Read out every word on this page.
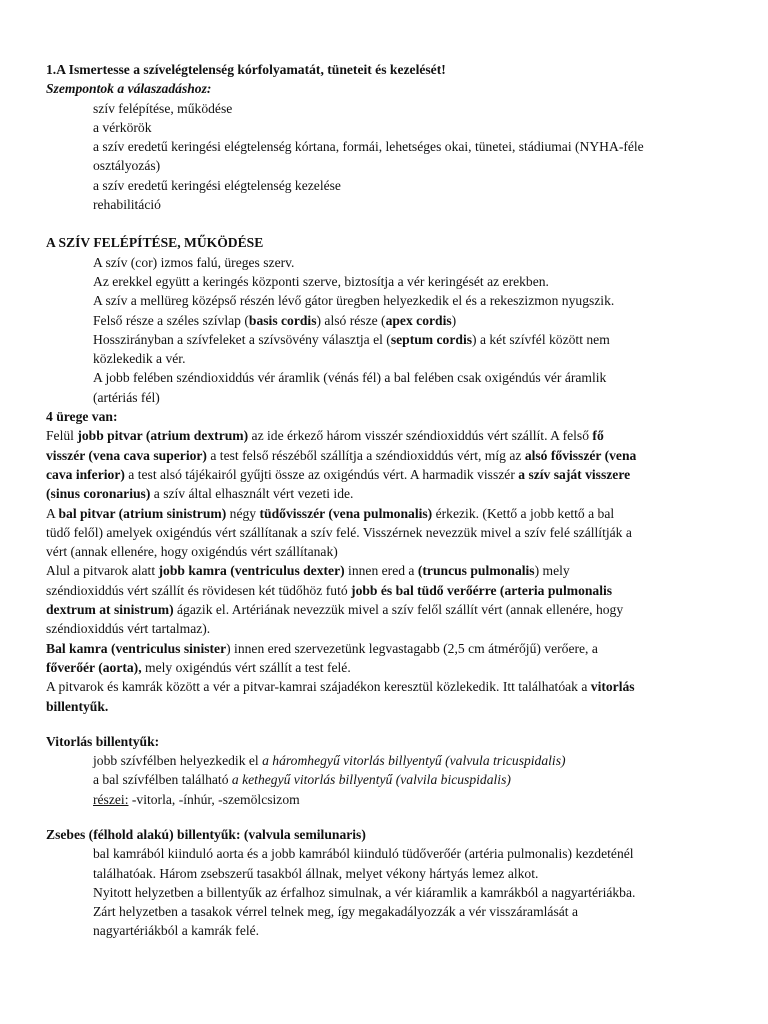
1.A Ismertesse a szívelégtelenség kórfolyamatát, tüneteit és kezelését!
Szempontok a válaszadáshoz:
szív felépítése, működése
a vérkörök
a szív eredetű keringési elégtelenség kórtana, formái, lehetséges okai, tünetei, stádiumai (NYHA-féle
osztályozás)
a szív eredetű keringési elégtelenség kezelése
rehabilitáció
A SZÍV FELÉPÍTÉSE, MŰKÖDÉSE
A szív (cor) izmos falú, üreges szerv.
Az erekkel együtt a keringés központi szerve, biztosítja a vér keringését az erekben.
A szív a mellüreg középső részén lévő gátor üregben helyezkedik el és a rekeszizmon nyugszik.
Felső része a széles szívlap (basis cordis) alsó része (apex cordis)
Hosszirányban a szívfeleket a szívsövény választja el (septum cordis) a két szívfél között nem
közlekedik a vér.
A jobb felében széndioxiddús vér áramlik (vénás fél) a bal felében csak oxigéndús vér áramlik
(artériás fél)
4 ürege van:
Felül jobb pitvar (atrium dextrum) az ide érkező három visszér széndioxiddús vért szállít. A felső fő
visszér (vena cava superior) a test felső részéből szállítja a széndioxiddús vért, míg az alsó fővisszér (vena
cava inferior) a test alsó tájékairól gyűjti össze az oxigéndús vért. A harmadik visszér a szív saját visszere
(sinus coronarius) a szív által elhasznált vért vezeti ide.
A bal pitvar (atrium sinistrum) négy tüdővisszér (vena pulmonalis) érkezik. (Kettő a jobb kettő a bal
tüdő felől) amelyek oxigéndús vért szállítanak a szív felé. Visszérnek nevezzük mivel a szív felé szállítják a
vért (annak ellenére, hogy oxigéndús vért szállítanak)
Alul a pitvarok alatt jobb kamra (ventriculus dexter) innen ered a (truncus pulmonalis) mely
széndioxiddús vért szállít és rövidesen két tüdőhöz futó jobb és bal tüdő verőérre (arteria pulmonalis
dextrum at sinistrum) ágazik el. Artériának nevezzük mivel a szív felől szállít vért (annak ellenére, hogy
széndioxiddús vért tartalmaz).
Bal kamra (ventriculus sinister) innen ered szervezetünk legvastagabb (2,5 cm átmérőjű) verőere, a
főverőér (aorta), mely oxigéndús vért szállít a test felé.
A pitvarok és kamrák között a vér a pitvar-kamrai szájadékon keresztül közlekedik. Itt találhatóak a vitorlás
billentyűk.
Vitorlás billentyűk:
jobb szívfélben helyezkedik el a háromhegyű vitorlás billyentyű (valvula tricuspidalis)
a bal szívfélben található a kethegyű vitorlás billyentyű (valvila bicuspidalis)
részei: -vitorla, -ínhúr, -szemölcsizom
Zsebes (félhold alakú) billentyűk: (valvula semilunaris)
bal kamrából kiinduló aorta és a jobb kamrából kiinduló tüdőverőér (artéria pulmonalis) kezdeténél
találhatóak. Három zsebszerű tasakból állnak, melyet vékony hártyás lemez alkot.
Nyitott helyzetben a billentyűk az érfalhoz simulnak, a vér kiáramlik a kamrákból a nagyartériákba.
Zárt helyzetben a tasakok vérrel telnek meg, így megakadályozzák a vér visszáramlását a
nagyartériákból a kamrák felé.
